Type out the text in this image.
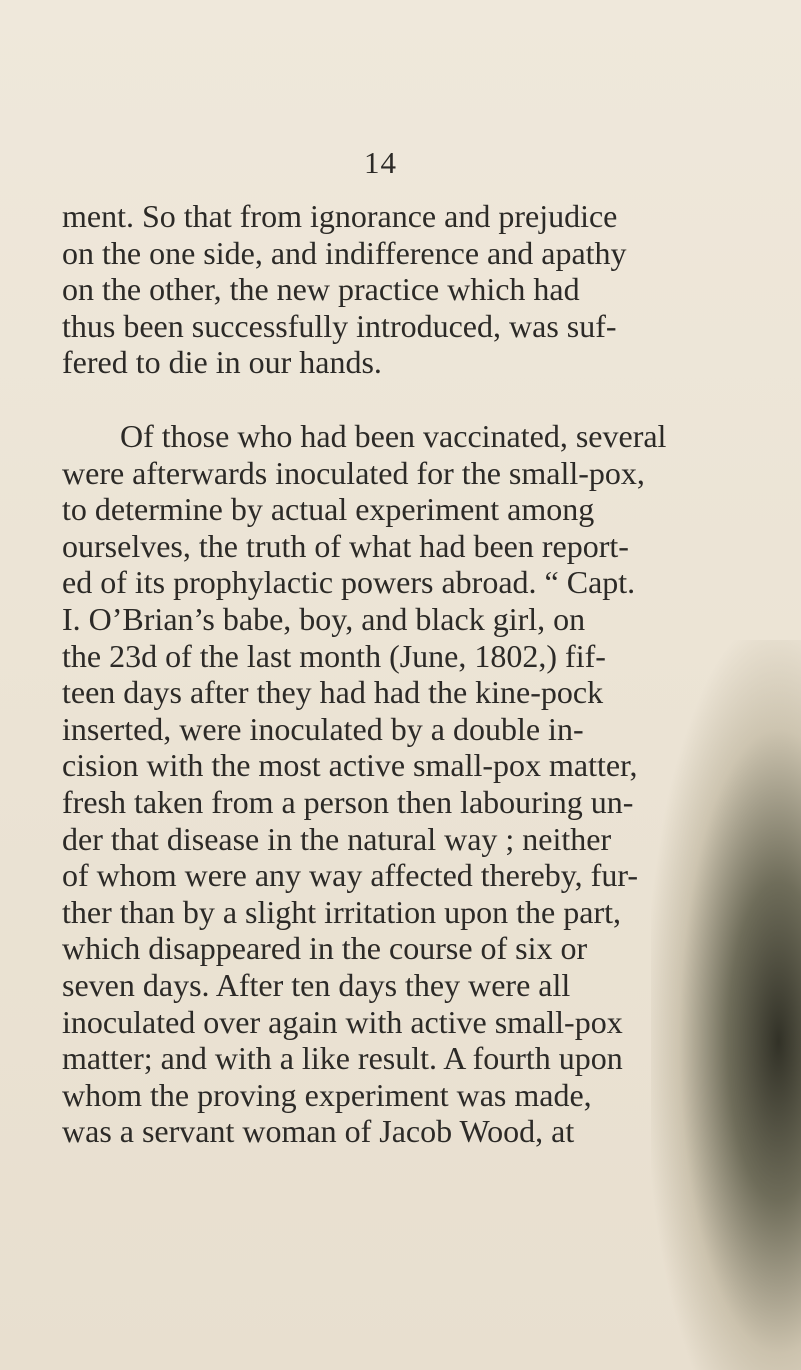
14

ment. So that from ignorance and prejudice
on the one side, and indifference and apathy
on the other, the new practice which had
thus been successfully introduced, was suf-
fered to die in our hands.

Of those who had been vaccinated, several
were afterwards inoculated for the small-pox,
to determine by actual experiment among
ourselves, the truth of what had been report-
ed of its prophylactic powers abroad. “ Capt.
I. O’Brian’s babe, boy, and black girl, on
the 23d of the last month (June, 1802,) fif-
teen days after they had had the kine-pock
inserted, were inoculated by a double in-
cision with the most active small-pox matter,
fresh taken from a person then labouring un-
der that disease in the natural way ; neither
of whom were any way affected thereby, fur-
ther than by a slight irritation upon the part,
which disappeared in the course of six or
seven days. After ten days they were all
inoculated over again with active small-pox
matter; and with a like result. A fourth upon
whom the proving experiment was made,
was a servant woman of Jacob Wood, at
